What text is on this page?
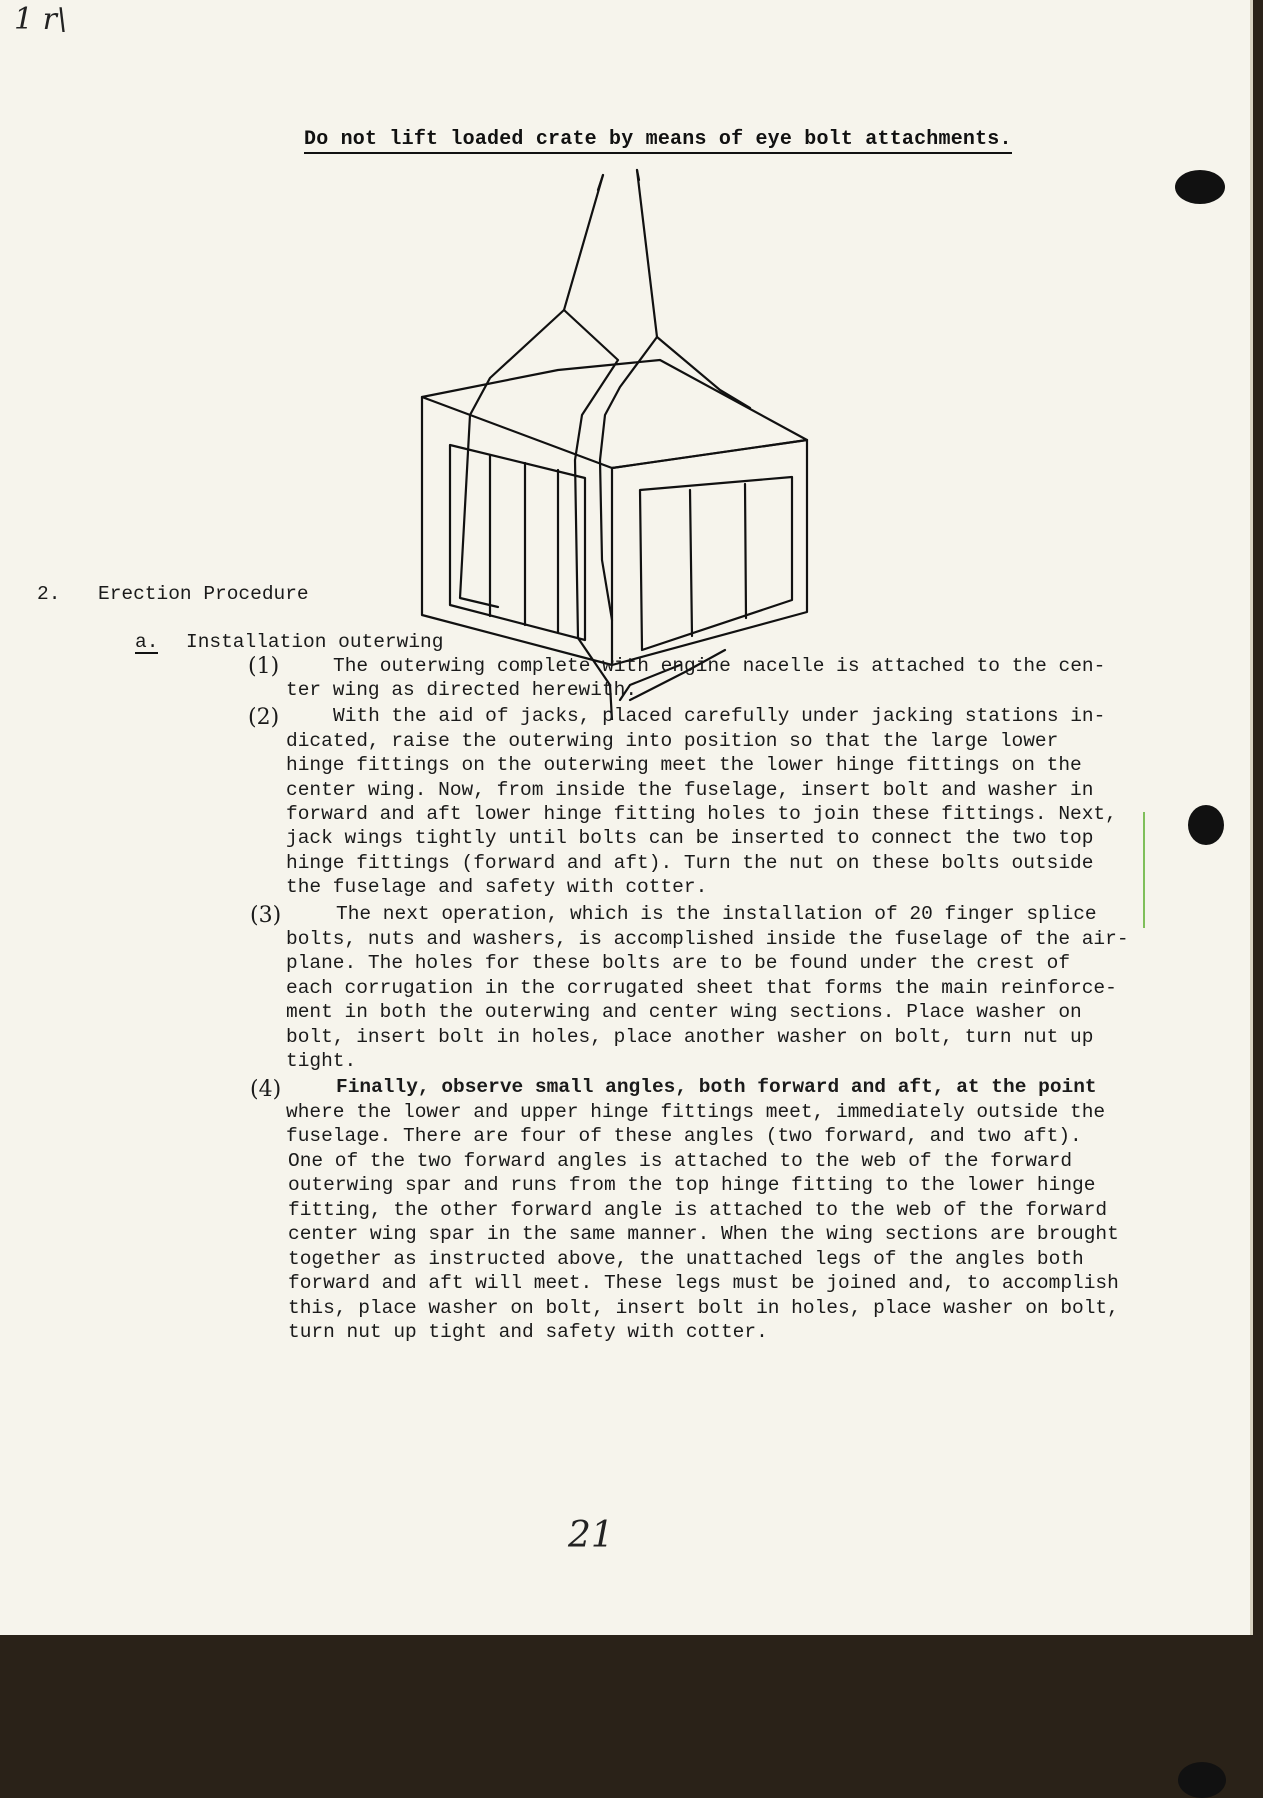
1 r\
Do not lift loaded crate by means of eye bolt attachments.
2. Erection Procedure
a. Installation outerwing
(1)	The outerwing complete with engine nacelle is attached to the cen-
ter wing as directed herewith.
(2)	With the aid of jacks, placed carefully under jacking stations in-
dicated, raise the outerwing into position so that the large lower
hinge fittings on the outerwing meet the lower hinge fittings on the
center wing. Now, from inside the fuselage, insert bolt and washer in
forward and aft lower hinge fitting holes to join these fittings. Next,
jack wings tightly until bolts can be inserted to connect the two top
hinge fittings (forward and aft). Turn the nut on these bolts outside
the fuselage and safety with cotter.
(3)	The next operation, which is the installation of 20 finger splice
bolts, nuts and washers, is accomplished inside the fuselage of the air-
plane. The holes for these bolts are to be found under the crest of
each corrugation in the corrugated sheet that forms the main reinforce-
ment in both the outerwing and center wing sections. Place washer on
bolt, insert bolt in holes, place another washer on bolt, turn nut up
tight.
(4)	Finally, observe small angles, both forward and aft, at the point
where the lower and upper hinge fittings meet, immediately outside the
fuselage. There are four of these angles (two forward, and two aft).
One of the two forward angles is attached to the web of the forward
outerwing spar and runs from the top hinge fitting to the lower hinge
fitting, the other forward angle is attached to the web of the forward
center wing spar in the same manner. When the wing sections are brought
together as instructed above, the unattached legs of the angles both
forward and aft will meet. These legs must be joined and, to accomplish
this, place washer on bolt, insert bolt in holes, place washer on bolt,
turn nut up tight and safety with cotter.
21
